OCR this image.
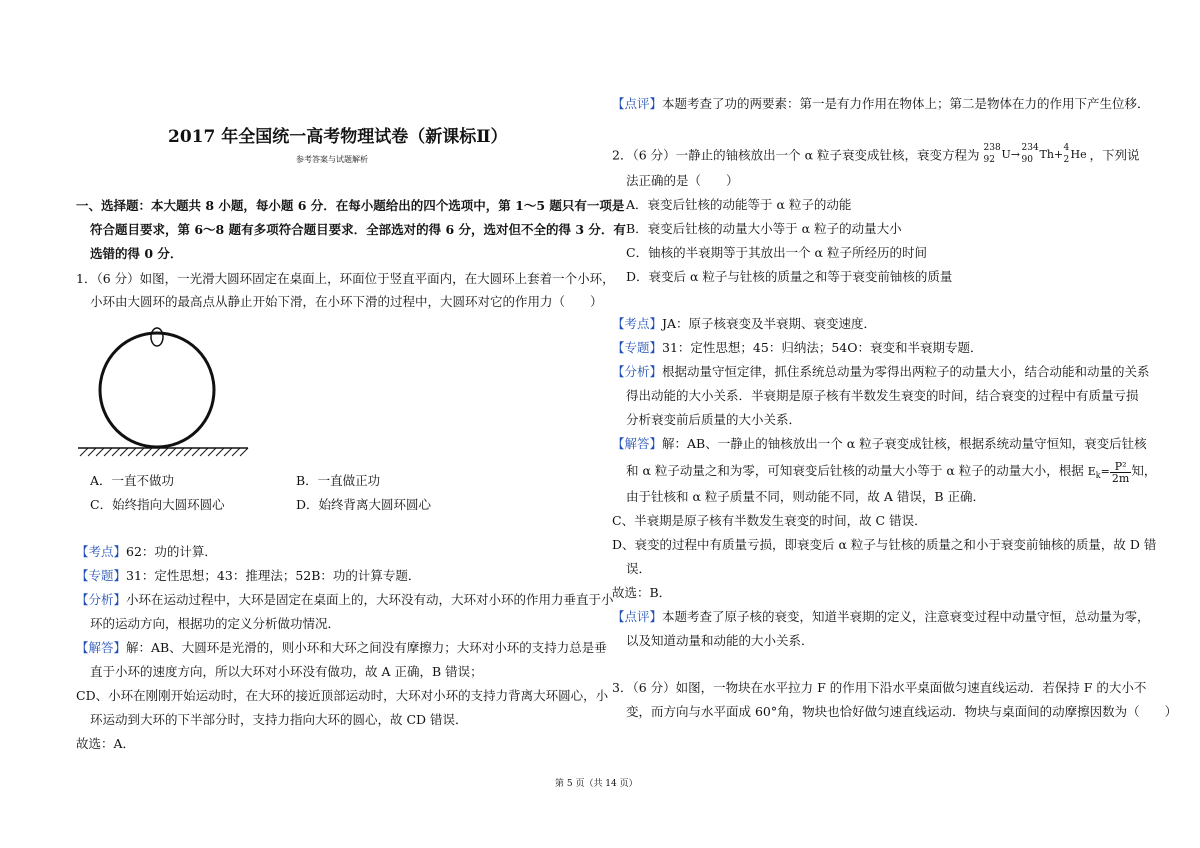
2017 年全国统一高考物理试卷（新课标Ⅱ）
参考答案与试题解析
一、选择题：本大题共 8 小题，每小题 6 分．在每小题给出的四个选项中，第 1～5 题只有一项是
符合题目要求，第 6～8 题有多项符合题目要求．全部选对的得 6 分，选对但不全的得 3 分．有
选错的得 0 分．
1．（6 分）如图，一光滑大圆环固定在桌面上，环面位于竖直平面内，在大圆环上套着一个小环，
小环由大圆环的最高点从静止开始下滑，在小环下滑的过程中，大圆环对它的作用力（　　）
A．一直不做功	B．一直做正功
C．始终指向大圆环圆心	D．始终背离大圆环圆心
【考点】62：功的计算．
【专题】31：定性思想；43：推理法；52B：功的计算专题．
【分析】小环在运动过程中，大环是固定在桌面上的，大环没有动，大环对小环的作用力垂直于小
环的运动方向，根据功的定义分析做功情况．
【解答】解：AB、大圆环是光滑的，则小环和大环之间没有摩擦力；大环对小环的支持力总是垂
直于小环的速度方向，所以大环对小环没有做功，故 A 正确，B 错误；
CD、小环在刚刚开始运动时，在大环的接近顶部运动时，大环对小环的支持力背离大环圆心，小
环运动到大环的下半部分时，支持力指向大环的圆心，故 CD 错误．
故选：A．
【点评】本题考查了功的两要素：第一是有力作用在物体上；第二是物体在力的作用下产生位移．
2．（6 分）一静止的铀核放出一个 α 粒子衰变成钍核，衰变方程为 238
92 U→ 234
90 Th+ 4
2 He ，下列说
法正确的是（　　）
A．衰变后钍核的动能等于 α 粒子的动能
B．衰变后钍核的动量大小等于 α 粒子的动量大小
C．铀核的半衰期等于其放出一个 α 粒子所经历的时间
D．衰变后 α 粒子与钍核的质量之和等于衰变前铀核的质量
【考点】JA：原子核衰变及半衰期、衰变速度．
【专题】31：定性思想；45：归纳法；54O：衰变和半衰期专题．
【分析】根据动量守恒定律，抓住系统总动量为零得出两粒子的动量大小，结合动能和动量的关系
得出动能的大小关系．半衰期是原子核有半数发生衰变的时间，结合衰变的过程中有质量亏损
分析衰变前后质量的大小关系．
【解答】解：AB、一静止的铀核放出一个 α 粒子衰变成钍核，根据系统动量守恒知，衰变后钍核
和 α 粒子动量之和为零，可知衰变后钍核的动量大小等于 α 粒子的动量大小，根据 $E_k= \frac{\text{P²}}{2m}$ 知，
由于钍核和 α 粒子质量不同，则动能不同，故 A 错误，B 正确．
C、半衰期是原子核有半数发生衰变的时间，故 C 错误．
D、衰变的过程中有质量亏损，即衰变后 α 粒子与钍核的质量之和小于衰变前铀核的质量，故 D 错
误．
故选：B．
【点评】本题考查了原子核的衰变，知道半衰期的定义，注意衰变过程中动量守恒，总动量为零，
以及知道动量和动能的大小关系．
3．（6 分）如图，一物块在水平拉力 F 的作用下沿水平桌面做匀速直线运动．若保持 F 的大小不
变，而方向与水平面成 60°角，物块也恰好做匀速直线运动．物块与桌面间的动摩擦因数为（　　）
第 5 页（共 14 页）
